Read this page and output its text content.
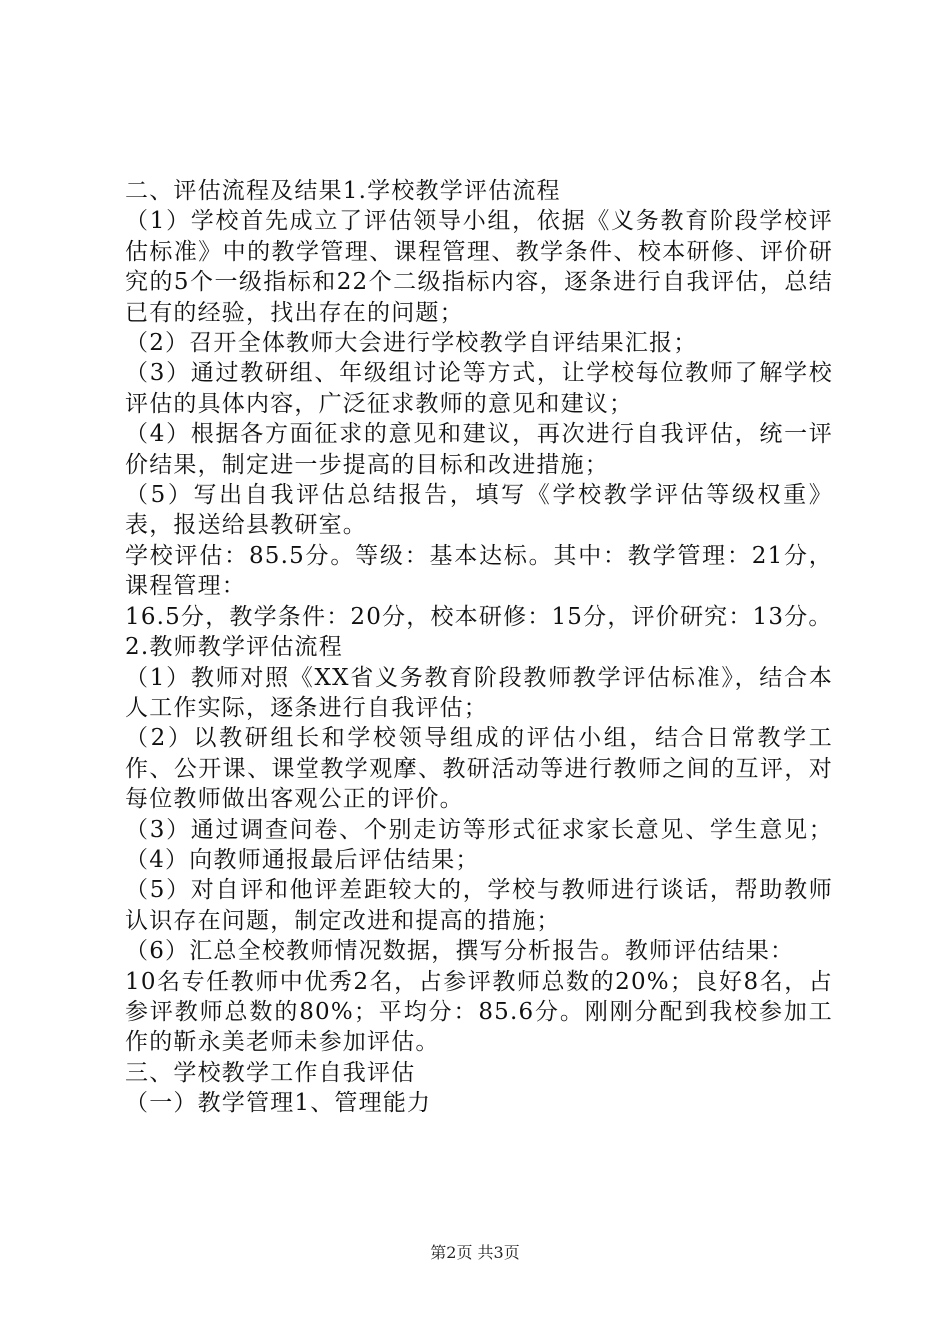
二、评估流程及结果1.学校教学评估流程

（1）学校首先成立了评估领导小组，依据《义务教育阶段学校评估标准》中的教学管理、课程管理、教学条件、校本研修、评价研究的5个一级指标和22个二级指标内容，逐条进行自我评估，总结已有的经验，找出存在的问题；

（2）召开全体教师大会进行学校教学自评结果汇报；

（3）通过教研组、年级组讨论等方式，让学校每位教师了解学校评估的具体内容，广泛征求教师的意见和建议；

（4）根据各方面征求的意见和建议，再次进行自我评估，统一评价结果，制定进一步提高的目标和改进措施；

（5）写出自我评估总结报告，填写《学校教学评估等级权重》表，报送给县教研室。

学校评估：85.5分。等级：基本达标。其中：教学管理：21分，课程管理：

16.5分，教学条件：20分，校本研修：15分，评价研究：13分。

2.教师教学评估流程

（1）教师对照《XX省义务教育阶段教师教学评估标准》，结合本人工作实际，逐条进行自我评估；

（2）以教研组长和学校领导组成的评估小组，结合日常教学工作、公开课、课堂教学观摩、教研活动等进行教师之间的互评，对每位教师做出客观公正的评价。

（3）通过调查问卷、个别走访等形式征求家长意见、学生意见；（4）向教师通报最后评估结果；

（5）对自评和他评差距较大的，学校与教师进行谈话，帮助教师认识存在问题，制定改进和提高的措施；

（6）汇总全校教师情况数据，撰写分析报告。教师评估结果：

10名专任教师中优秀2名，占参评教师总数的20%；良好8名，占参评教师总数的80%；平均分：85.6分。刚刚分配到我校参加工作的靳永美老师未参加评估。

三、学校教学工作自我评估

（一）教学管理1、管理能力

第2页 共3页
